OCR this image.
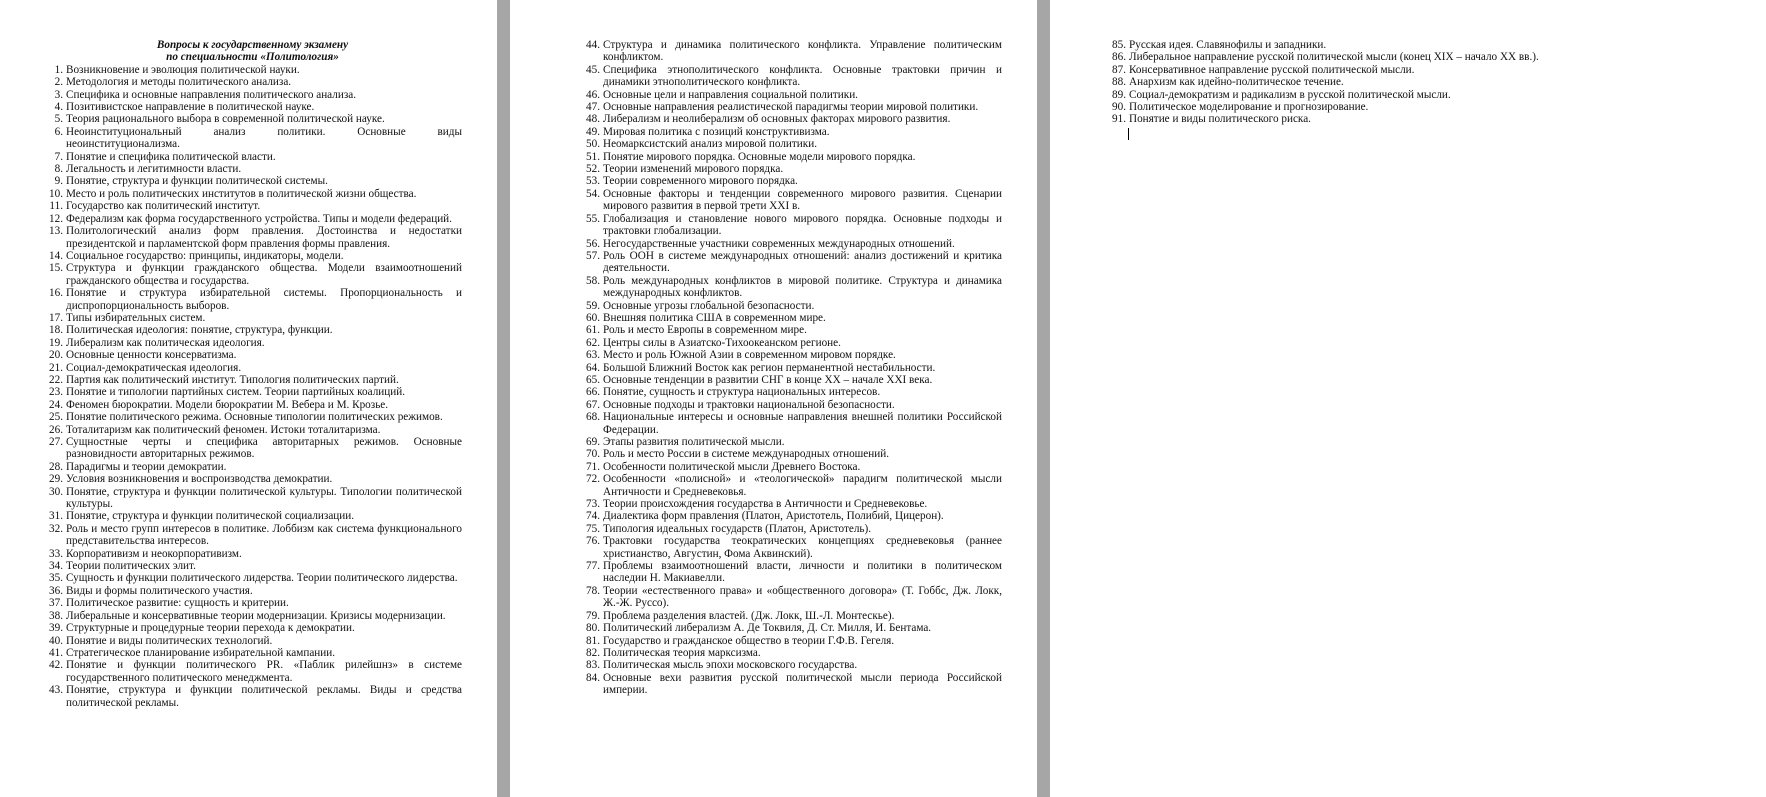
Вопросы к государственному экзамену
по специальности «Политология»
1. Возникновение и эволюция политической науки.
2. Методология и методы политического анализа.
3. Специфика и основные направления политического анализа.
4. Позитивистское направление в политической науке.
5. Теория рационального выбора в современной политической науке.
6. Неоинституциональный анализ политики. Основные виды неоинституционализма.
7. Понятие и специфика политической власти.
8. Легальность и легитимности власти.
9. Понятие, структура и функции политической системы.
10. Место и роль политических институтов в политической жизни общества.
11. Государство как политический институт.
12. Федерализм как форма государственного устройства. Типы и модели федераций.
13. Политологический анализ форм правления. Достоинства и недостатки президентской и парламентской форм правления формы правления.
14. Социальное государство: принципы, индикаторы, модели.
15. Структура и функции гражданского общества. Модели взаимоотношений гражданского общества и государства.
16. Понятие и структура избирательной системы. Пропорциональность и диспропорциональность выборов.
17. Типы избирательных систем.
18. Политическая идеология: понятие, структура, функции.
19. Либерализм как политическая идеология.
20. Основные ценности консерватизма.
21. Социал-демократическая идеология.
22. Партия как политический институт. Типология политических партий.
23. Понятие и типологии партийных систем. Теории партийных коалиций.
24. Феномен бюрократии. Модели бюрократии М. Вебера и М. Крозье.
25. Понятие политического режима. Основные типологии политических режимов.
26. Тоталитаризм как политический феномен. Истоки тоталитаризма.
27. Сущностные черты и специфика авторитарных режимов. Основные разновидности авторитарных режимов.
28. Парадигмы и теории демократии.
29. Условия возникновения и воспроизводства демократии.
30. Понятие, структура и функции политической культуры. Типологии политической культуры.
31. Понятие, структура и функции политической социализации.
32. Роль и место групп интересов в политике. Лоббизм как система функционального представительства интересов.
33. Корпоративизм и неокорпоративизм.
34. Теории политических элит.
35. Сущность и функции политического лидерства. Теории политического лидерства.
36. Виды и формы политического участия.
37. Политическое развитие: сущность и критерии.
38. Либеральные и консервативные теории модернизации. Кризисы модернизации.
39. Структурные и процедурные теории перехода к демократии.
40. Понятие и виды политических технологий.
41. Стратегическое планирование избирательной кампании.
42. Понятие и функции политического PR. «Паблик рилейшнз» в системе государственного политического менеджмента.
43. Понятие, структура и функции политической рекламы. Виды и средства политической рекламы.
44. Структура и динамика политического конфликта. Управление политическим конфликтом.
45. Специфика этнополитического конфликта. Основные трактовки причин и динамики этнополитического конфликта.
46. Основные цели и направления социальной политики.
47. Основные направления реалистической парадигмы теории мировой политики.
48. Либерализм и неолиберализм об основных факторах мирового развития.
49. Мировая политика с позиций конструктивизма.
50. Неомарксистский анализ мировой политики.
51. Понятие мирового порядка. Основные модели мирового порядка.
52. Теории изменений мирового порядка.
53. Теории современного мирового порядка.
54. Основные факторы и тенденции современного мирового развития. Сценарии мирового развития в первой трети XXI в.
55. Глобализация и становление нового мирового порядка. Основные подходы и трактовки глобализации.
56. Негосударственные участники современных международных отношений.
57. Роль ООН в системе международных отношений: анализ достижений и критика деятельности.
58. Роль международных конфликтов в мировой политике. Структура и динамика международных конфликтов.
59. Основные угрозы глобальной безопасности.
60. Внешняя политика США в современном мире.
61. Роль и место Европы в современном мире.
62. Центры силы в Азиатско-Тихоокеанском регионе.
63. Место и роль Южной Азии в современном мировом порядке.
64. Большой Ближний Восток как регион перманентной нестабильности.
65. Основные тенденции в развитии СНГ в конце XX – начале XXI века.
66. Понятие, сущность и структура национальных интересов.
67. Основные подходы и трактовки национальной безопасности.
68. Национальные интересы и основные направления внешней политики Российской Федерации.
69. Этапы развития политической мысли.
70. Роль и место России в системе международных отношений.
71. Особенности политической мысли Древнего Востока.
72. Особенности «полисной» и «теологической» парадигм политической мысли Античности и Средневековья.
73. Теории происхождения государства в Античности и Средневековье.
74. Диалектика форм правления (Платон, Аристотель, Полибий, Цицерон).
75. Типология идеальных государств (Платон, Аристотель).
76. Трактовки государства теократических концепциях средневековья (раннее христианство, Августин, Фома Аквинский).
77. Проблемы взаимоотношений власти, личности и политики в политическом наследии Н. Макиавелли.
78. Теории «естественного права» и «общественного договора» (Т. Гоббс, Дж. Локк, Ж.-Ж. Руссо).
79. Проблема разделения властей. (Дж. Локк, Ш.-Л. Монтескье).
80. Политический либерализм А. Де Токвиля, Д. Ст. Милля, И. Бентама.
81. Государство и гражданское общество в теории Г.Ф.В. Гегеля.
82. Политическая теория марксизма.
83. Политическая мысль эпохи московского государства.
84. Основные вехи развития русской политической мысли периода Российской империи.
85. Русская идея. Славянофилы и западники.
86. Либеральное направление русской политической мысли (конец XIX – начало XX вв.).
87. Консервативное направление русской политической мысли.
88. Анархизм как идейно-политическое течение.
89. Социал-демократизм и радикализм в русской политической мысли.
90. Политическое моделирование и прогнозирование.
91. Понятие и виды политического риска.
